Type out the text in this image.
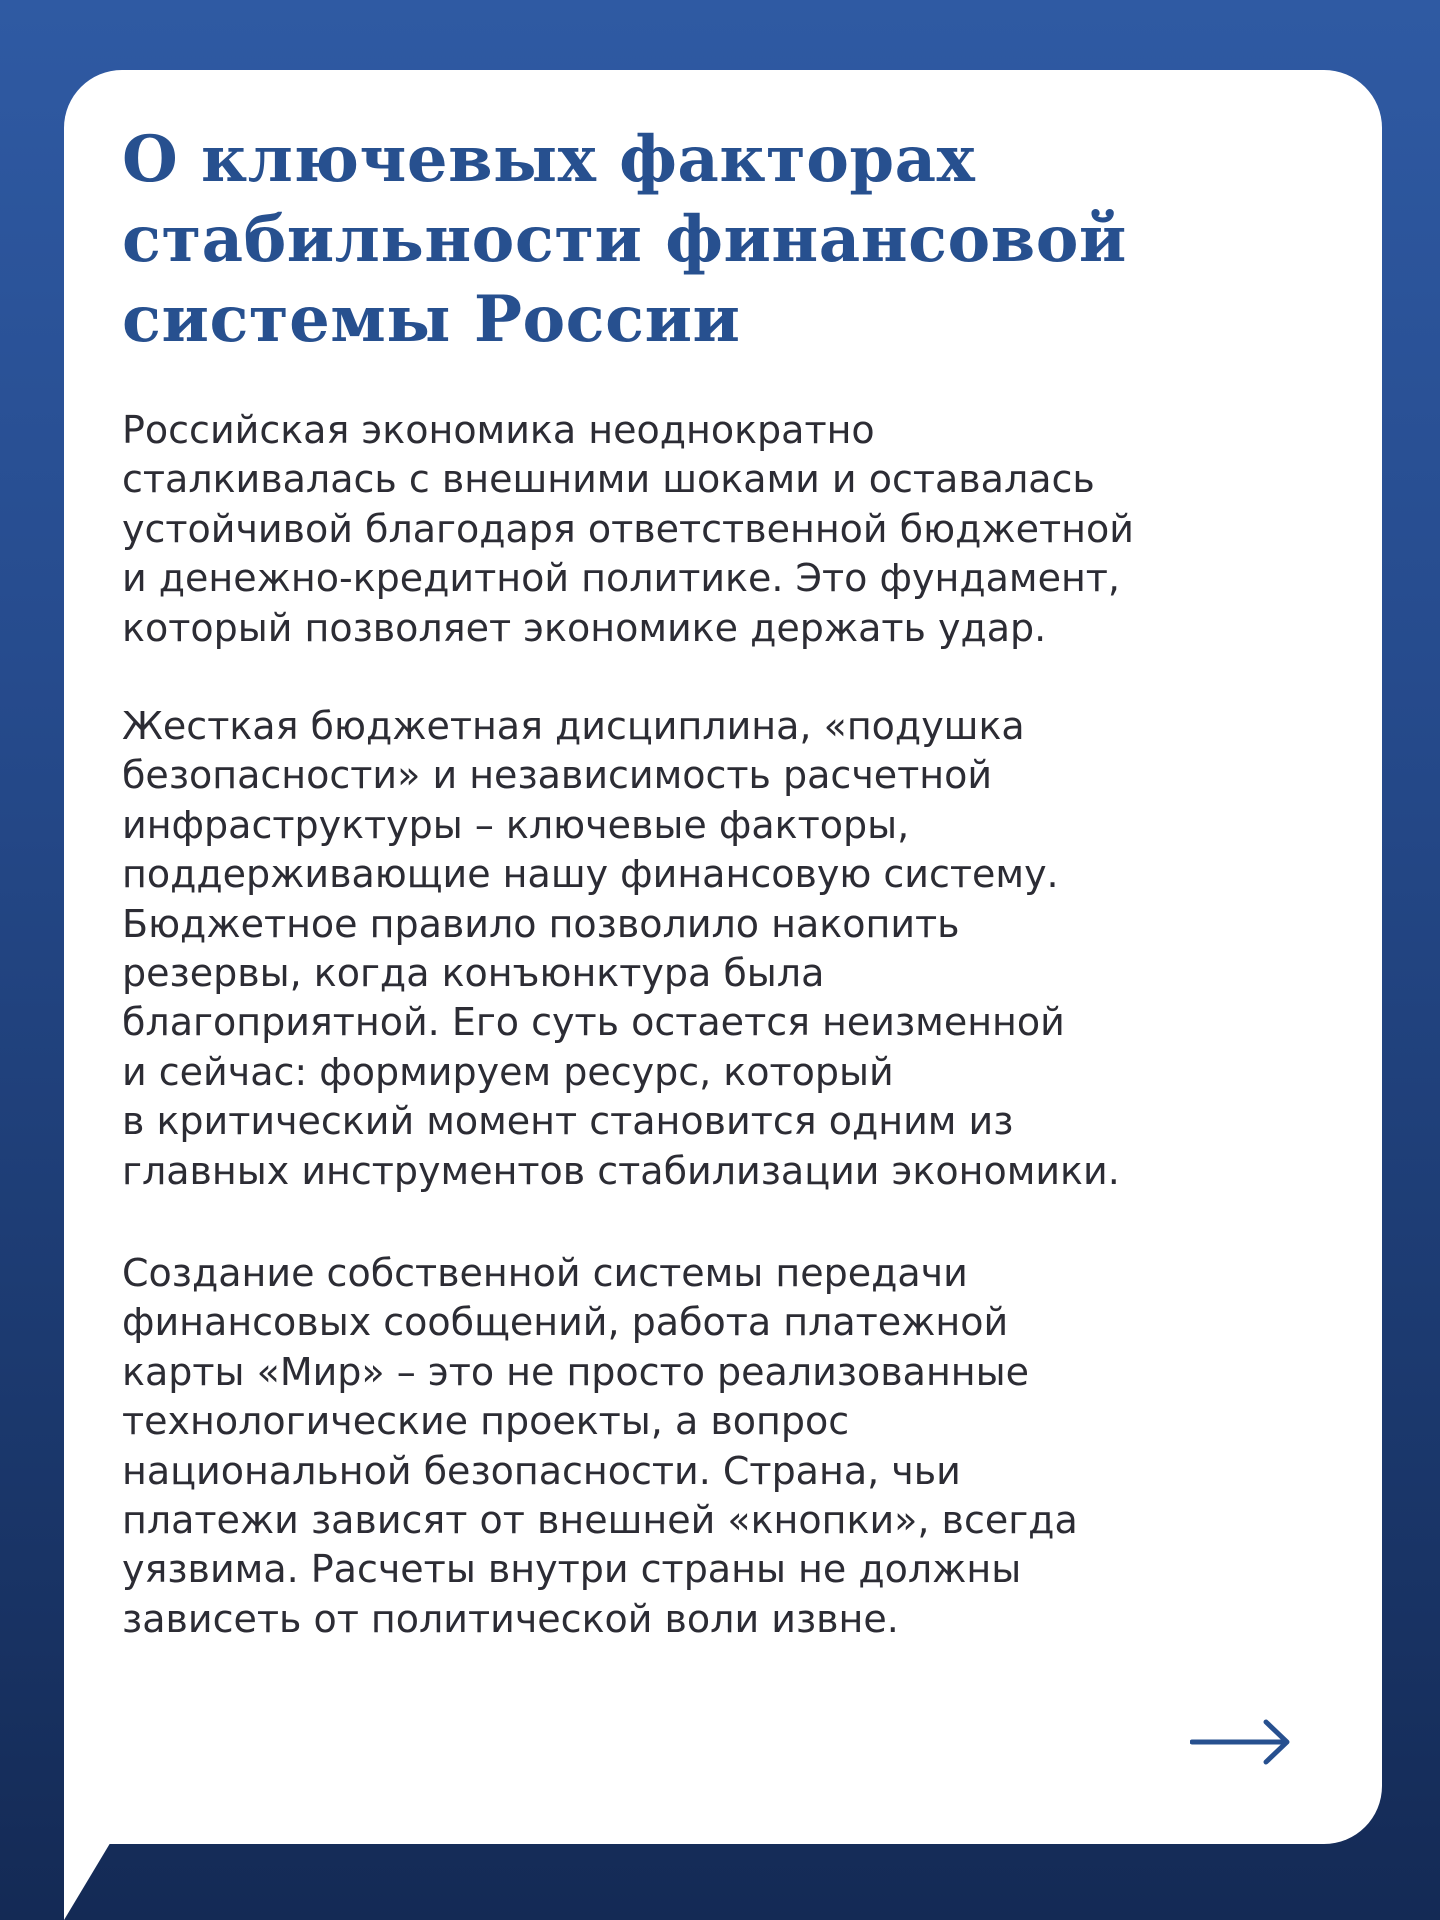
О ключевых факторах
стабильности финансовой
системы России

Российская экономика неоднократно
сталкивалась с внешними шоками и оставалась
устойчивой благодаря ответственной бюджетной
и денежно-кредитной политике. Это фундамент,
который позволяет экономике держать удар.

Жесткая бюджетная дисциплина, «подушка
безопасности» и независимость расчетной
инфраструктуры – ключевые факторы,
поддерживающие нашу финансовую систему.
Бюджетное правило позволило накопить
резервы, когда конъюнктура была
благоприятной. Его суть остается неизменной
и сейчас: формируем ресурс, который
в критический момент становится одним из
главных инструментов стабилизации экономики.

Создание собственной системы передачи
финансовых сообщений, работа платежной
карты «Мир» – это не просто реализованные
технологические проекты, а вопрос
национальной безопасности. Страна, чьи
платежи зависят от внешней «кнопки», всегда
уязвима. Расчеты внутри страны не должны
зависеть от политической воли извне.
